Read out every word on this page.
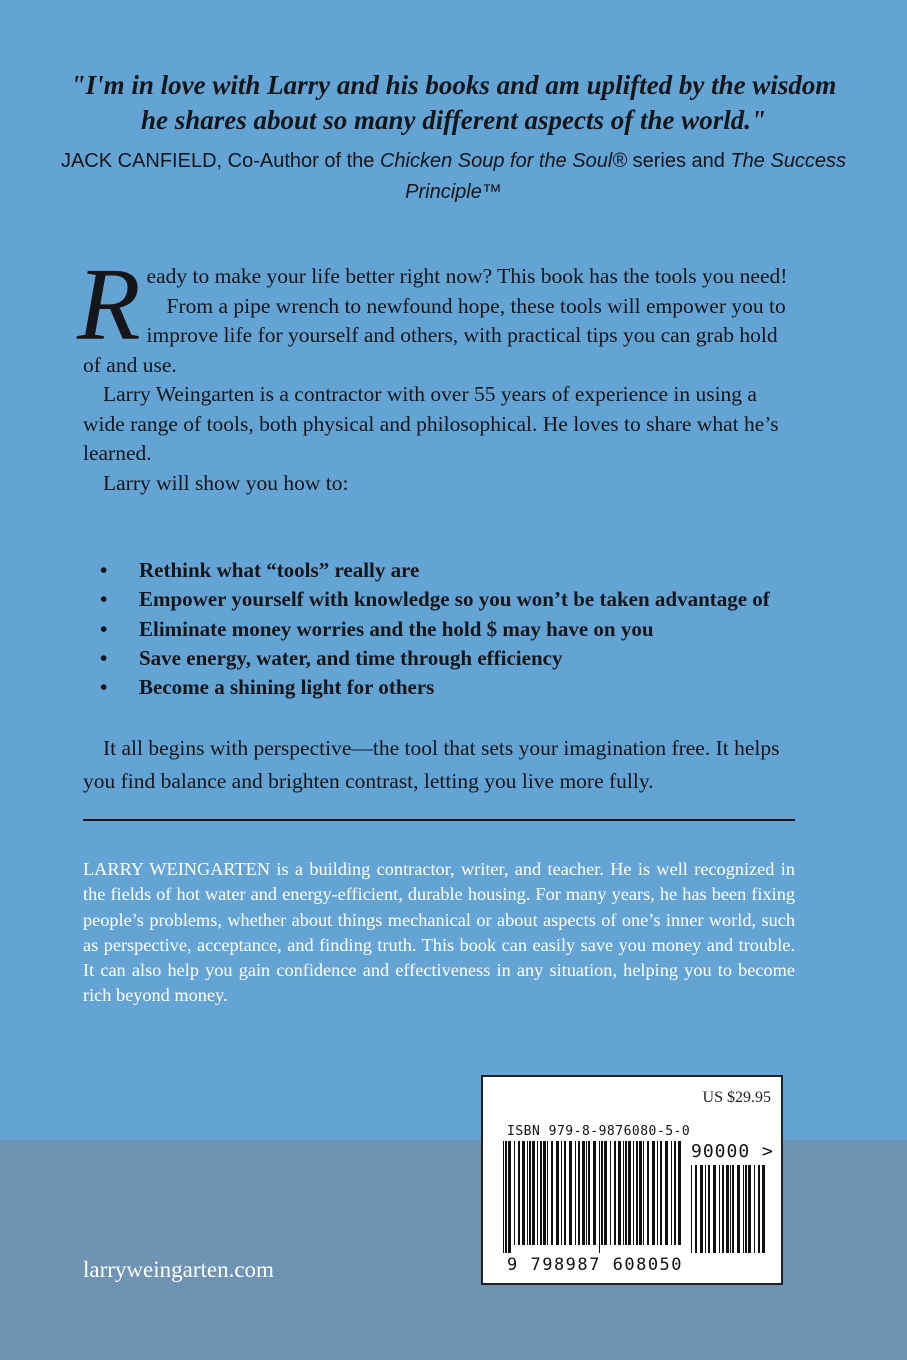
"I'm in love with Larry and his books and am uplifted by the wisdom he shares about so many different aspects of the world."
JACK CANFIELD, Co-Author of the Chicken Soup for the Soul® series and The Success Principle™

Ready to make your life better right now? This book has the tools you need!

From a pipe wrench to newfound hope, these tools will empower you to improve life for yourself and others, with practical tips you can grab hold of and use.

Larry Weingarten is a contractor with over 55 years of experience in using a wide range of tools, both physical and philosophical. He loves to share what he’s learned.

Larry will show you how to:

• Rethink what “tools” really are
• Empower yourself with knowledge so you won’t be taken advantage of
• Eliminate money worries and the hold $ may have on you
• Save energy, water, and time through efficiency
• Become a shining light for others

It all begins with perspective—the tool that sets your imagination free. It helps you find balance and brighten contrast, letting you live more fully.

LARRY WEINGARTEN is a building contractor, writer, and teacher. He is well recognized in the fields of hot water and energy-efficient, durable housing. For many years, he has been fixing people’s problems, whether about things mechanical or about aspects of one’s inner world, such as perspective, acceptance, and finding truth. This book can easily save you money and trouble. It can also help you gain confidence and effectiveness in any situation, helping you to become rich beyond money.

larryweingarten.com
US $29.95
ISBN 979-8-9876080-5-0
90000 >
9 798987 608050
